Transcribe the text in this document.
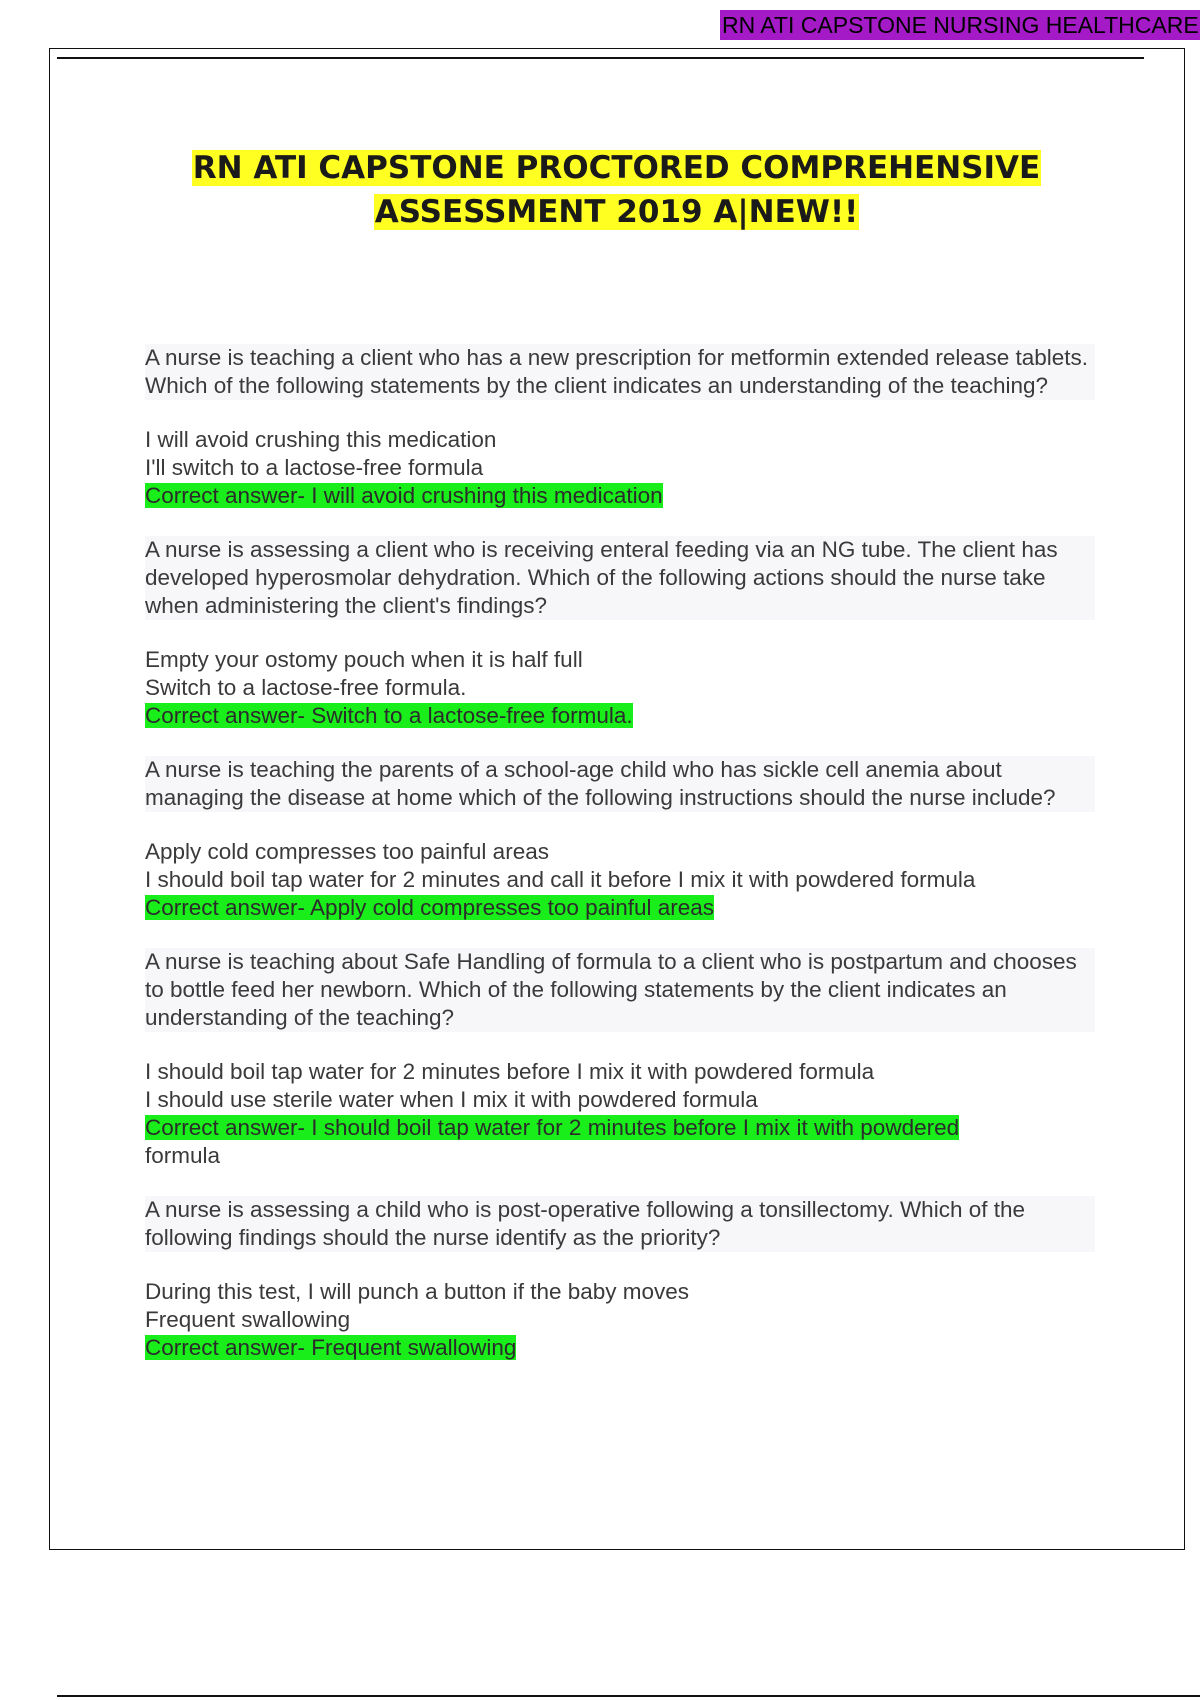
RN ATI CAPSTONE NURSING HEALTHCARE
RN ATI CAPSTONE PROCTORED COMPREHENSIVE
ASSESSMENT 2019 A|NEW!!

A nurse is teaching a client who has a new prescription for metformin extended release tablets. Which of the following statements by the client indicates an understanding of the teaching?

I will avoid crushing this medication

I'll switch to a lactose-free formula

Correct answer- I will avoid crushing this medication

A nurse is assessing a client who is receiving enteral feeding via an NG tube. The client has developed hyperosmolar dehydration. Which of the following actions should the nurse take when administering the client's findings?

Empty your ostomy pouch when it is half full

Switch to a lactose-free formula.

Correct answer- Switch to a lactose-free formula.

A nurse is teaching the parents of a school-age child who has sickle cell anemia about managing the disease at home which of the following instructions should the nurse include?

Apply cold compresses too painful areas

I should boil tap water for 2 minutes and call it before I mix it with powdered formula

Correct answer- Apply cold compresses too painful areas

A nurse is teaching about Safe Handling of formula to a client who is postpartum and chooses to bottle feed her newborn. Which of the following statements by the client indicates an understanding of the teaching?

I should boil tap water for 2 minutes before I mix it with powdered formula

I should use sterile water when I mix it with powdered formula

Correct answer- I should boil tap water for 2 minutes before I mix it with powdered
formula

A nurse is assessing a child who is post-operative following a tonsillectomy. Which of the following findings should the nurse identify as the priority?

During this test, I will punch a button if the baby moves

Frequent swallowing

Correct answer- Frequent swallowing
